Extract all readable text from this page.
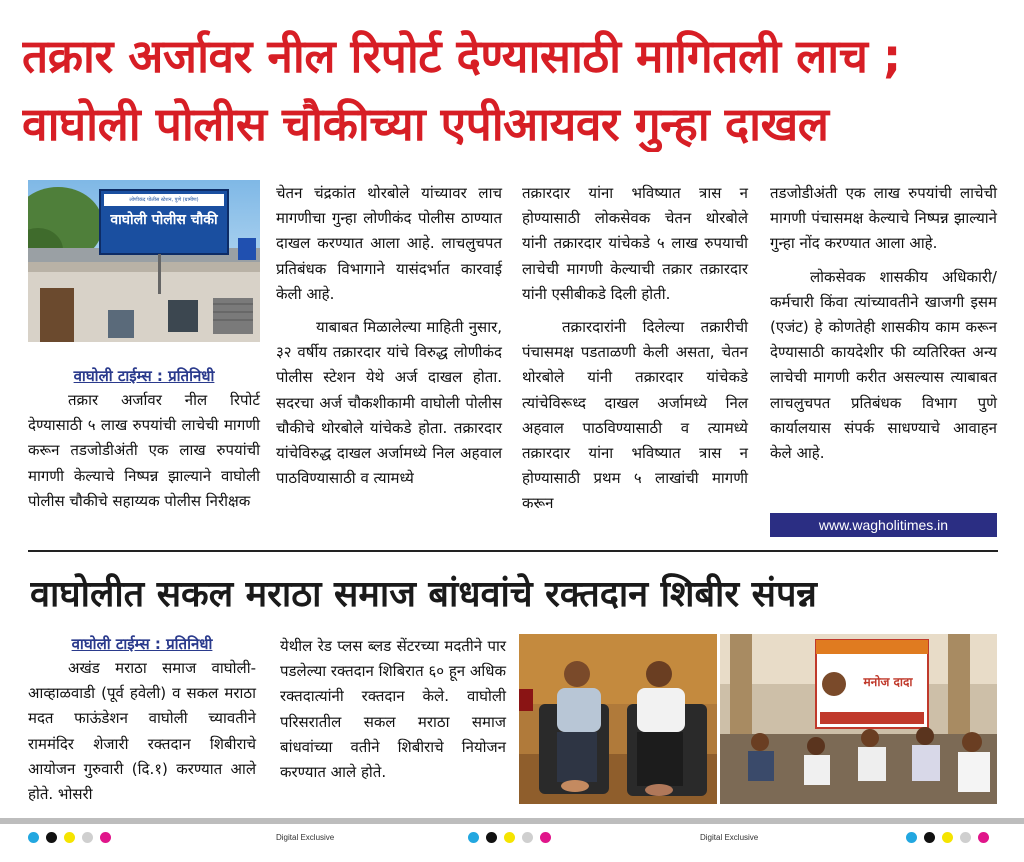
तक्रार अर्जावर नील रिपोर्ट देण्यासाठी मागितली लाच ;
वाघोली पोलीस चौकीच्या एपीआयवर गुन्हा दाखल
लोणीकंद पोलीस स्टेशन, पुणे (ग्रामीण)
वाघोली पोलीस चौकी
वाघोली टाईम्स : प्रतिनिधी

तक्रार अर्जावर नील रिपोर्ट देण्यासाठी ५ लाख रुपयांची लाचेची मागणी करून तडजोडीअंती एक लाख रुपयांची मागणी केल्याचे निष्पन्न झाल्याने वाघोली पोलीस चौकीचे सहाय्यक पोलीस निरीक्षक

चेतन चंद्रकांत थोरबोले यांच्यावर लाच मागणीचा गुन्हा लोणीकंद पोलीस ठाण्यात दाखल करण्यात आला आहे. लाचलुचपत प्रतिबंधक विभागाने यासंदर्भात कारवाई केली आहे.

याबाबत मिळालेल्या माहिती नुसार, ३२ वर्षीय तक्रारदार यांचे विरुद्ध लोणीकंद पोलीस स्टेशन येथे अर्ज दाखल होता. सदरचा अर्ज चौकशीकामी वाघोली पोलीस चौकीचे थोरबोले यांचेकडे होता. तक्रारदार यांचेविरुद्ध दाखल अर्जामध्ये निल अहवाल पाठविण्यासाठी व त्यामध्ये

तक्रारदार यांना भविष्यात त्रास न होण्यासाठी लोकसेवक चेतन थोरबोले यांनी तक्रारदार यांचेकडे ५ लाख रुपयाची लाचेची मागणी केल्याची तक्रार तक्रारदार यांनी एसीबीकडे दिली होती.

तक्रारदारांनी दिलेल्या तक्रारीची पंचासमक्ष पडताळणी केली असता, चेतन थोरबोले यांनी तक्रारदार यांचेकडे त्यांचेविरूध्द दाखल अर्जामध्ये निल अहवाल पाठविण्यासाठी व त्यामध्ये तक्रारदार यांना भविष्यात त्रास न होण्यासाठी प्रथम ५ लाखांची मागणी करून

तडजोडीअंती एक लाख रुपयांची लाचेची मागणी पंचासमक्ष केल्याचे निष्पन्न झाल्याने गुन्हा नोंद करण्यात आला आहे.

लोकसेवक शासकीय अधिकारी/कर्मचारी किंवा त्यांच्यावतीने खाजगी इसम (एजंट) हे कोणतेही शासकीय काम करून देण्यासाठी कायदेशीर फी व्यतिरिक्त अन्य लाचेची मागणी करीत असल्यास त्याबाबत लाचलुचपत प्रतिबंधक विभाग पुणे कार्यालयास संपर्क साधण्याचे आवाहन केले आहे.

www.wagholitimes.in
वाघोलीत सकल मराठा समाज बांधवांचे रक्तदान शिबीर संपन्न
वाघोली टाईम्स : प्रतिनिधी

अखंड मराठा समाज वाघोली-आव्हाळवाडी (पूर्व हवेली) व सकल मराठा मदत फाऊंडेशन वाघोली च्यावतीने राममंदिर शेजारी रक्तदान शिबीराचे आयोजन गुरुवारी (दि.१) करण्यात आले होते. भोसरी

येथील रेड प्लस ब्लड सेंटरच्या मदतीने पार पडलेल्या रक्तदान शिबिरात ६० हून अधिक रक्तदात्यांनी रक्तदान केले. वाघोली परिसरातील सकल मराठा समाज बांधवांच्या वतीने शिबीराचे नियोजन करण्यात आले होते.

मनोज दादा
Digital Exclusive	Digital Exclusive
